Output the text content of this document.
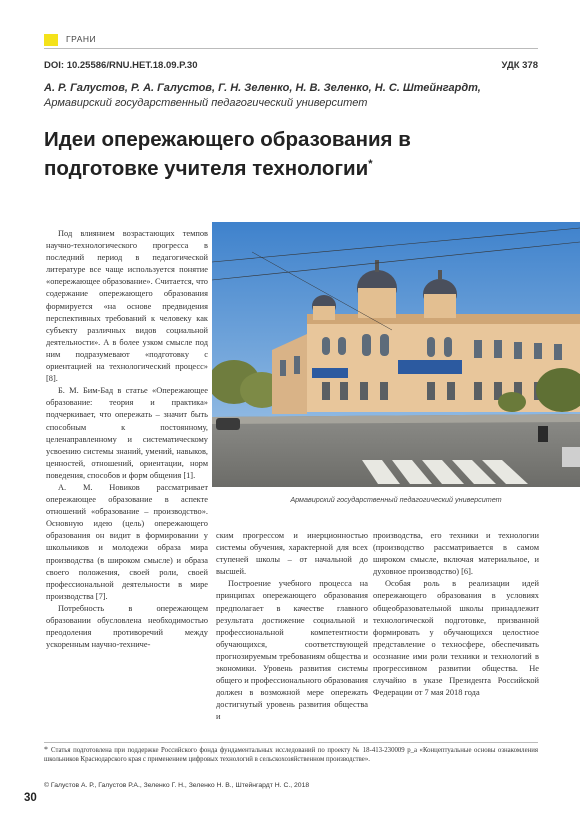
ГРАНИ
DOI: 10.25586/RNU.HET.18.09.P.30	УДК 378
А. Р. Галустов, Р. А. Галустов, Г. Н. Зеленко, Н. В. Зеленко, Н. С. Штейнгардт,
Армавирский государственный педагогический университет
Идеи опережающего образования в подготовке учителя технологии*

Под влиянием возрастающих темпов научно-технологического прогресса в последний период в педагогической литературе все чаще используется понятие «опережающее образование». Считается, что содержание опережающего образования формируется «на основе предвидения перспективных требований к человеку как субъекту различных видов социальной деятельности». А в более узком смысле под ним подразумевают «подготовку с ориентацией на технологический процесс» [8].

Б. М. Бим-Бад в статье «Опережающее образование: теория и практика» подчеркивает, что опережать – значит быть способным к постоянному, целенаправленному и систематическому усвоению системы знаний, умений, навыков, ценностей, отношений, ориентации, норм поведения, способов и форм общения [1].

А. М. Новиков рассматривает опережающее образование в аспекте отношений «образование – производство». Основную идею (цель) опережающего образования он видит в формировании у школьников и молодежи образа мира производства (в широком смысле) и образа своего положения, своей роли, своей профессиональной деятельности в мире производства [7].

Потребность в опережающем образовании обусловлена необходимостью преодоления противоречий между ускоренным научно-техниче-

Армавирский государственный педагогический университет

ским прогрессом и инерционностью системы обучения, характерной для всех ступеней школы – от начальной до высшей.

Построение учебного процесса на принципах опережающего образования предполагает в качестве главного результата достижение социальной и профессиональной компетентности обучающихся, соответствующей прогнозируемым требованиям общества и экономики. Уровень развития системы общего и профессионального образования должен в возможной мере опережать достигнутый уровень развития общества и

производства, его техники и технологии (производство рассматривается в самом широком смысле, включая материальное, и духовное производство) [6].

Особая роль в реализации идей опережающего образования в условиях общеобразовательной школы принадлежит технологической подготовке, призванной формировать у обучающихся целостное представление о техносфере, обеспечивать осознание ими роли техники и технологий в прогрессивном развитии общества. Не случайно в указе Президента Российской Федерации от 7 мая 2018 года

* Статья подготовлена при поддержке Российского фонда фундаментальных исследований по проекту № 18-413-230009 р_а «Концептуальные основы ознакомления школьников Краснодарского края с применением цифровых технологий в сельскохозяйственном производстве».
© Галустов А. Р., Галустов Р.А., Зеленко Г. Н., Зеленко Н. В., Штейнгардт Н. С., 2018
30
